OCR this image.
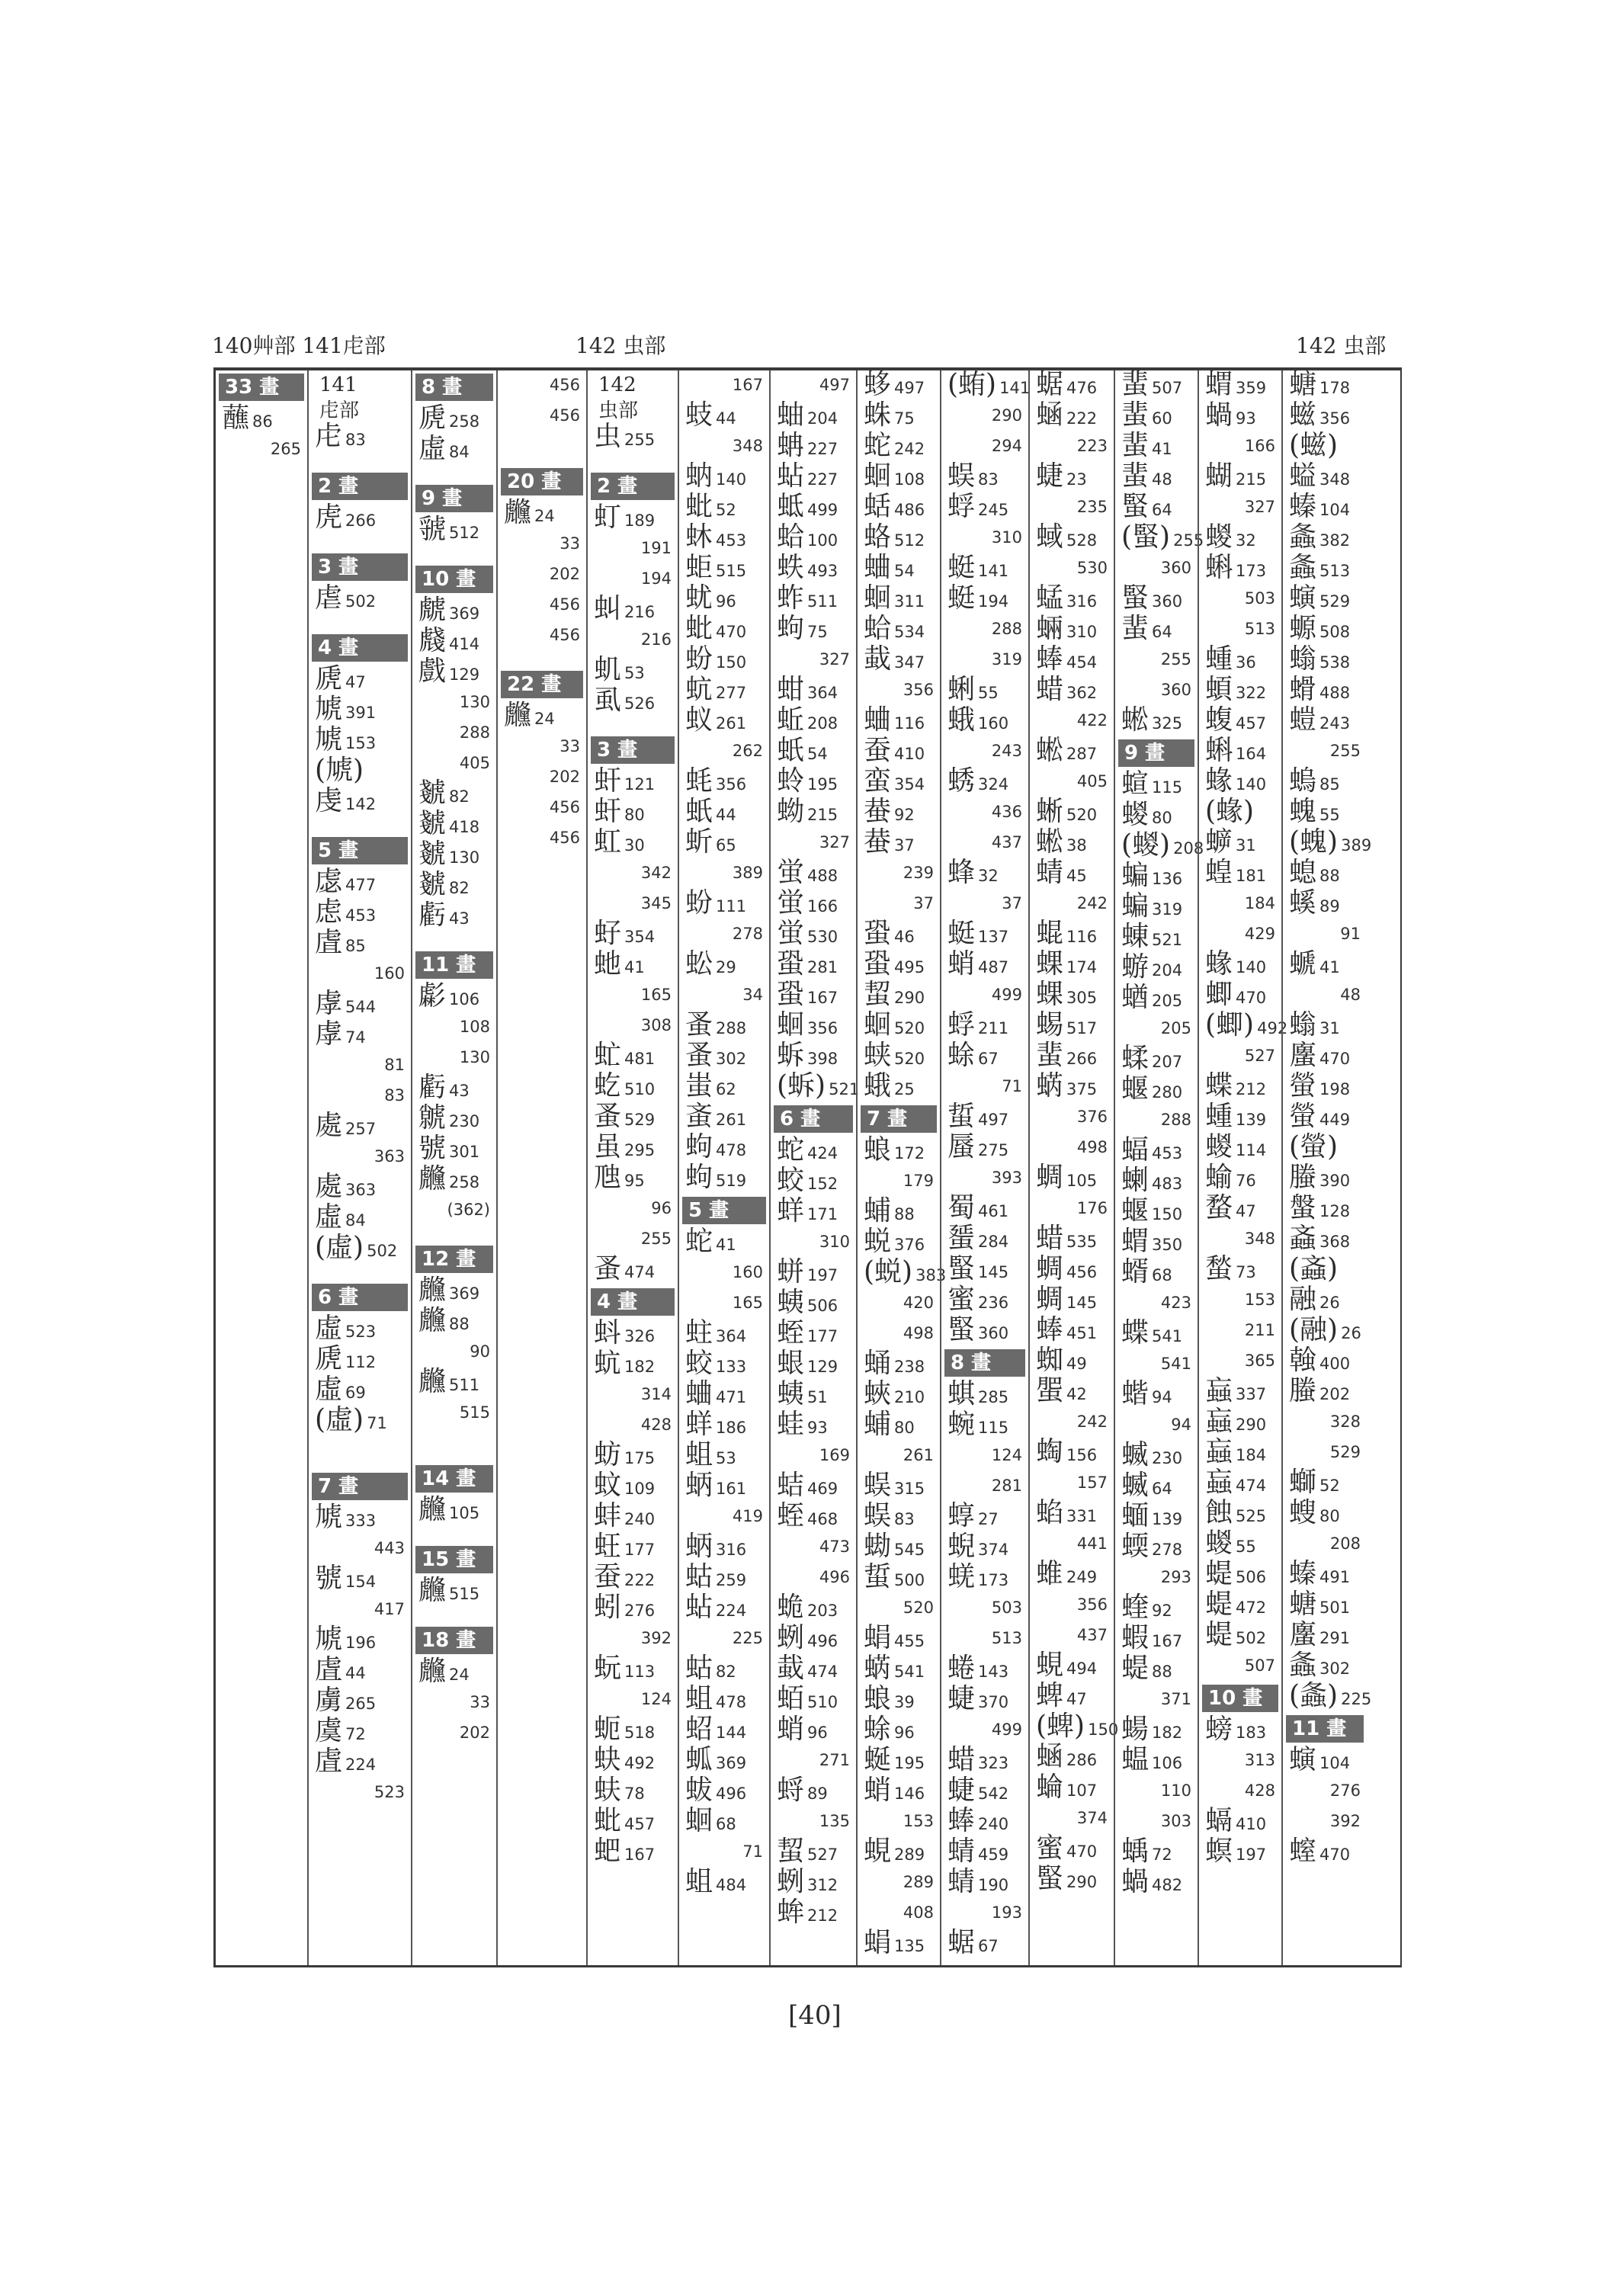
140艸部 141虍部	142 虫部	142 虫部
33 畫
蘸 86
265
141
虍部
虍 83
2 畫
虎 266
3 畫
虐 502
4 畫
虒 47
虓 391
虓 153
(虓)
虔 142
5 畫
虙 477
虑 453
虘 85
160
虖 544
虖 74
81
83
處 257
363
處 363
虛 84
(虛) 502
6 畫
虛 523
虒 112
虛 69
(虛) 71
7 畫
虓 333
443
號 154
417
虓 196
虘 44
虜 265
虞 72
虘 224
523
8 畫
虒 258
虛 84
9 畫
虢 512
10 畫
虤 369
虥 414
戲 129
130
288
405
虦 82
虦 418
虦 130
虦 82
虧 43
11 畫
虨 106
108
130
虧 43
虩 230
號 301
虪 258
(362)
12 畫
虪 369
虪 88
90
虪 511
515
14 畫
虪 105
15 畫
虪 515
18 畫
虪 24
33
202
456
456
20 畫
虪 24
33
202
456
456
22 畫
虪 24
33
202
456
456
142
虫部
虫 255
2 畫
虰 189
191
194
虯 216
216
虮 53
虱 526
3 畫
虷 121
虷 80
虹 30
342
345
虸 354
虵 41
165
308
虻 481
虼 510
蚤 529
虽 295
虺 95
96
255
蚤 474
4 畫
蚪 326
蚢 182
314
428
蚄 175
蚊 109
蚌 240
蚟 177
蚕 222
蚓 276
392
蚖 113
124
蚅 518
蚗 492
蚨 78
蚍 457
蚆 167
167
蚑 44
348
蚋 140
蚍 52
蚞 453
蚷 515
蚘 96
蚍 470
蚡 150
蚢 277
蚁 261
262
蚝 356
蚔 44
蚚 65
389
蚡 111
278
蚣 29
34
蚤 288
蚤 302
蚩 62
蚉 261
蚼 478
蚼 519
5 畫
蛇 41
160
165
蛀 364
蛟 133
蛐 471
蛘 186
蛆 53
蛃 161
419
蛃 316
蛄 259
蛅 224
225
蛄 82
蛆 478
蛁 144
蛌 369
蛂 496
蛔 68
71
蛆 484
497
蚰 204
蚺 227
蛅 227
蚳 499
蛤 100
蛈 493
蚱 511
蚼 75
327
蚶 364
蚯 208
蚔 54
蛉 195
蚴 215
327
蛍 488
蛍 166
蛍 530
蛩 281
蛩 167
蛔 356
蚸 398
(蚸) 521
6 畫
蛇 424
蛟 152
蛘 171
310
蛢 197
蛦 506
蛭 177
蛝 129
蛦 51
蛙 93
169
蛣 469
蛭 468
473
496
蛫 203
蛚 496
蛓 474
蛨 510
蛸 96
271
蛶 89
135
蛪 527
蛚 312
蛑 212
蛥 497
蛛 75
蛇 242
蛔 108
蛞 486
蛒 512
蛐 54
蛔 311
蛤 534
蛓 347
356
蛐 116
蚕 410
蛮 354
蛬 92
蛬 37
239
37
蛩 46
蛩 495
蛪 290
蛔 520
蛱 520
蛾 25
7 畫
蜋 172
179
蜅 88
蜕 376
(蜕) 383
420
498
蛹 238
蛺 210
蜅 80
261
蜈 315
蜈 83
蜐 545
蜇 500
520
蜎 455
蜹 541
蜋 39
蜍 96
蜒 195
蛸 146
153
蜆 289
289
408
蜎 135
(蛕) 141
290
294
蜈 83
蜉 245
310
蜓 141
蜓 194
288
319
蜊 55
蛾 160
243
蜏 324
436
437
蜂 32
37
蜓 137
蛸 487
499
蜉 211
蜍 67
71
蜇 497
蜃 275
393
蜀 461
蜑 284
蜸 145
蜜 236
蜸 360
8 畫
蜞 285
蜿 115
124
281
蜳 27
蜺 374
蜣 173
503
513
蜷 143
蜨 370
499
蜡 323
蜨 542
蜯 240
蜻 459
蜻 190
193
蜛 67
蜛 476
蜬 222
223
蜨 23
235
蜮 528
530
蜢 316
蜽 310
蜯 454
蜡 362
422
蜙 287
405
蜥 520
蜙 38
蜻 45
242
蜫 116
蜾 174
蜾 305
蜴 517
蜚 266
蜹 375
376
498
蜩 105
176
蜡 535
蜩 456
蜩 145
蜯 451
蜘 49
蜰 42
242
蜪 156
157
蜭 331
441
蜼 249
356
437
蜆 494
蜱 47
(蜱) 150
蜬 286
蜦 107
374
蜜 470
蜸 290
蜚 507
蜚 60
蜚 41
蜚 48
蜸 64
(蜸) 255
360
蜸 360
蜚 64
255
360
蜙 325
9 畫
蝖 115
蝬 80
(蝬) 208
蝙 136
蝙 319
蝀 521
蝣 204
蝤 205
205
蝚 207
蝘 280
288
蝠 453
蝲 483
蝘 150
蝟 350
蝑 68
423
蝶 541
541
蝔 94
94
蝛 230
蝛 64
蝒 139
蝡 278
293
蝰 92
蝦 167
蝭 88
371
蝪 182
蝹 106
110
303
蝺 72
蝸 482
蝟 359
蝸 93
166
蝴 215
327
蝬 32
蝌 173
503
513
蝩 36
蝢 322
蝮 457
蝌 164
蝝 140
(蝝)
蝷 31
蝗 181
184
429
蝝 140
蝍 470
(蝍) 492
527
蝶 212
蝩 139
蝬 114
蝓 76
蝥 47
348
蝵 73
153
211
365
蝱 337
蝱 290
蝱 184
蝱 474
蝕 525
蝬 55
蝭 506
蝭 472
蝭 502
507
10 畫
螃 183
313
428
螎 410
螟 197
螗 178
螆 356
(螆)
螠 348
螓 104
螽 382
螽 513
螾 529
螈 508
螉 538
螖 488
螘 243
255
螐 85
螝 55
(螝) 389
螅 88
螇 89
91
螔 41
48
螉 31
螷 470
螢 198
螢 449
(螢)
螣 390
螌 128
螡 368
(螡)
融 26
(融) 26
螒 400
螣 202
328
529
螄 52
螋 80
208
螓 491
螗 501
螷 291
螽 302
(螽) 225
11 畫
螾 104
276
392
螲 470
[40]
